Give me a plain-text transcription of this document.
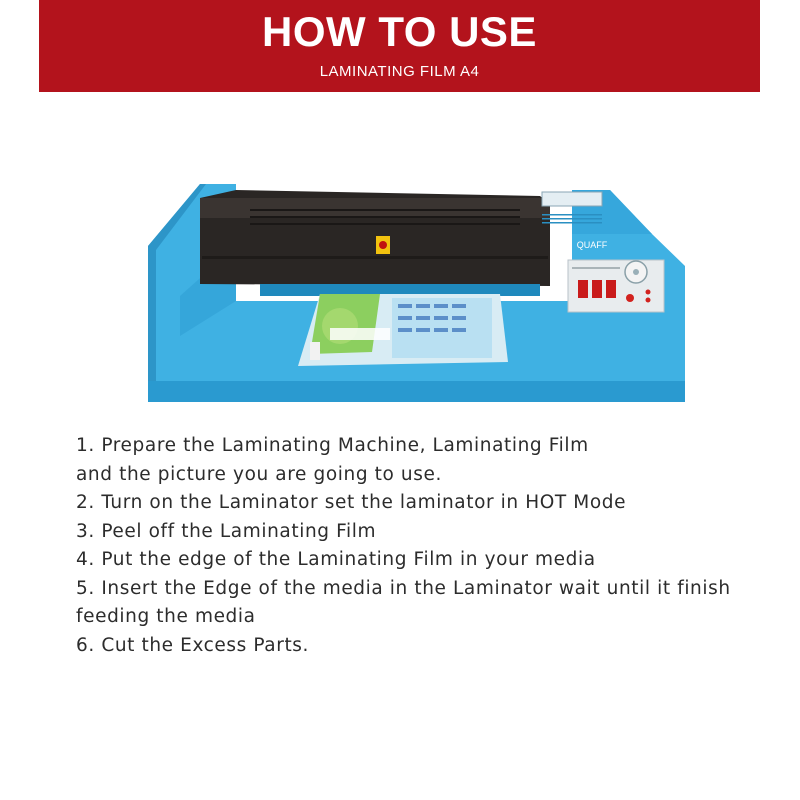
HOW TO USE
LAMINATING FILM A4
QUAFF
1. Prepare the Laminating Machine, Laminating Film
and the picture you are going to use.
2. Turn on the Laminator set the laminator in HOT Mode
3. Peel off the Laminating Film
4. Put the edge of the Laminating Film in your media
5. Insert the Edge of the media in the Laminator wait until it finish
feeding the media
6. Cut the Excess Parts.
